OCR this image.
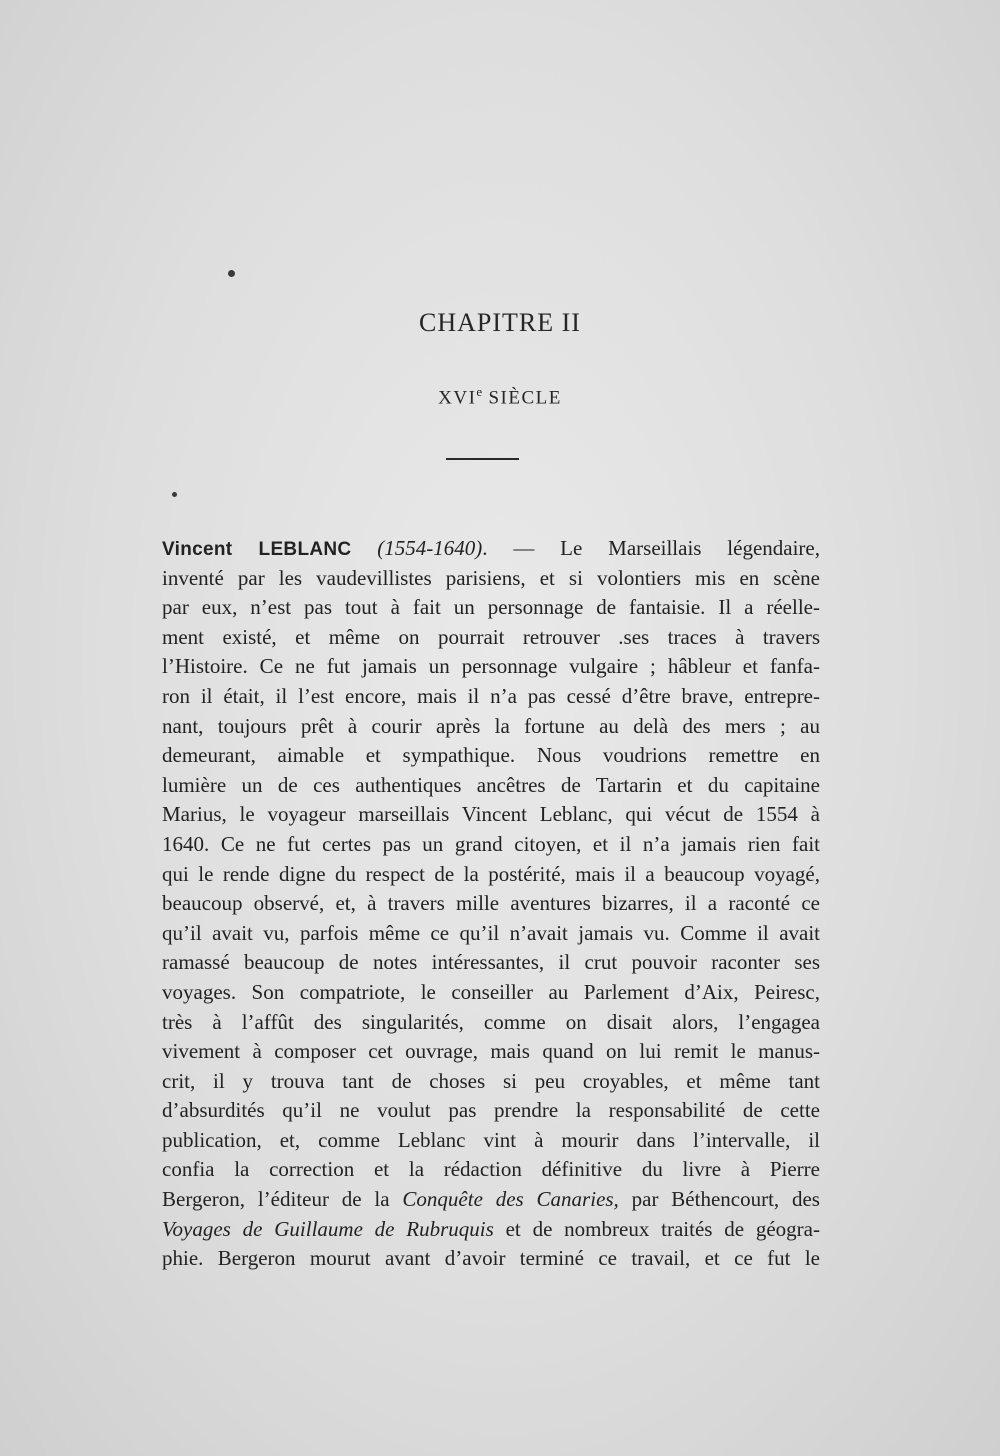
CHAPITRE II
XVIe SIÈCLE
Vincent LEBLANC (1554-1640). — Le Marseillais légendaire,
inventé par les vaudevillistes parisiens, et si volontiers mis en scène
par eux, n’est pas tout à fait un personnage de fantaisie. Il a réelle-
ment existé, et même on pourrait retrouver .ses traces à travers
l’Histoire. Ce ne fut jamais un personnage vulgaire ; hâbleur et fanfa-
ron il était, il l’est encore, mais il n’a pas cessé d’être brave, entrepre-
nant, toujours prêt à courir après la fortune au delà des mers ; au
demeurant, aimable et sympathique. Nous voudrions remettre en
lumière un de ces authentiques ancêtres de Tartarin et du capitaine
Marius, le voyageur marseillais Vincent Leblanc, qui vécut de 1554 à
1640. Ce ne fut certes pas un grand citoyen, et il n’a jamais rien fait
qui le rende digne du respect de la postérité, mais il a beaucoup voyagé,
beaucoup observé, et, à travers mille aventures bizarres, il a raconté ce
qu’il avait vu, parfois même ce qu’il n’avait jamais vu. Comme il avait
ramassé beaucoup de notes intéressantes, il crut pouvoir raconter ses
voyages. Son compatriote, le conseiller au Parlement d’Aix, Peiresc,
très à l’affût des singularités, comme on disait alors, l’engagea
vivement à composer cet ouvrage, mais quand on lui remit le manus-
crit, il y trouva tant de choses si peu croyables, et même tant
d’absurdités qu’il ne voulut pas prendre la responsabilité de cette
publication, et, comme Leblanc vint à mourir dans l’intervalle, il
confia la correction et la rédaction définitive du livre à Pierre
Bergeron, l’éditeur de la Conquête des Canaries, par Béthencourt, des
Voyages de Guillaume de Rubruquis et de nombreux traités de géogra-
phie. Bergeron mourut avant d’avoir terminé ce travail, et ce fut le
